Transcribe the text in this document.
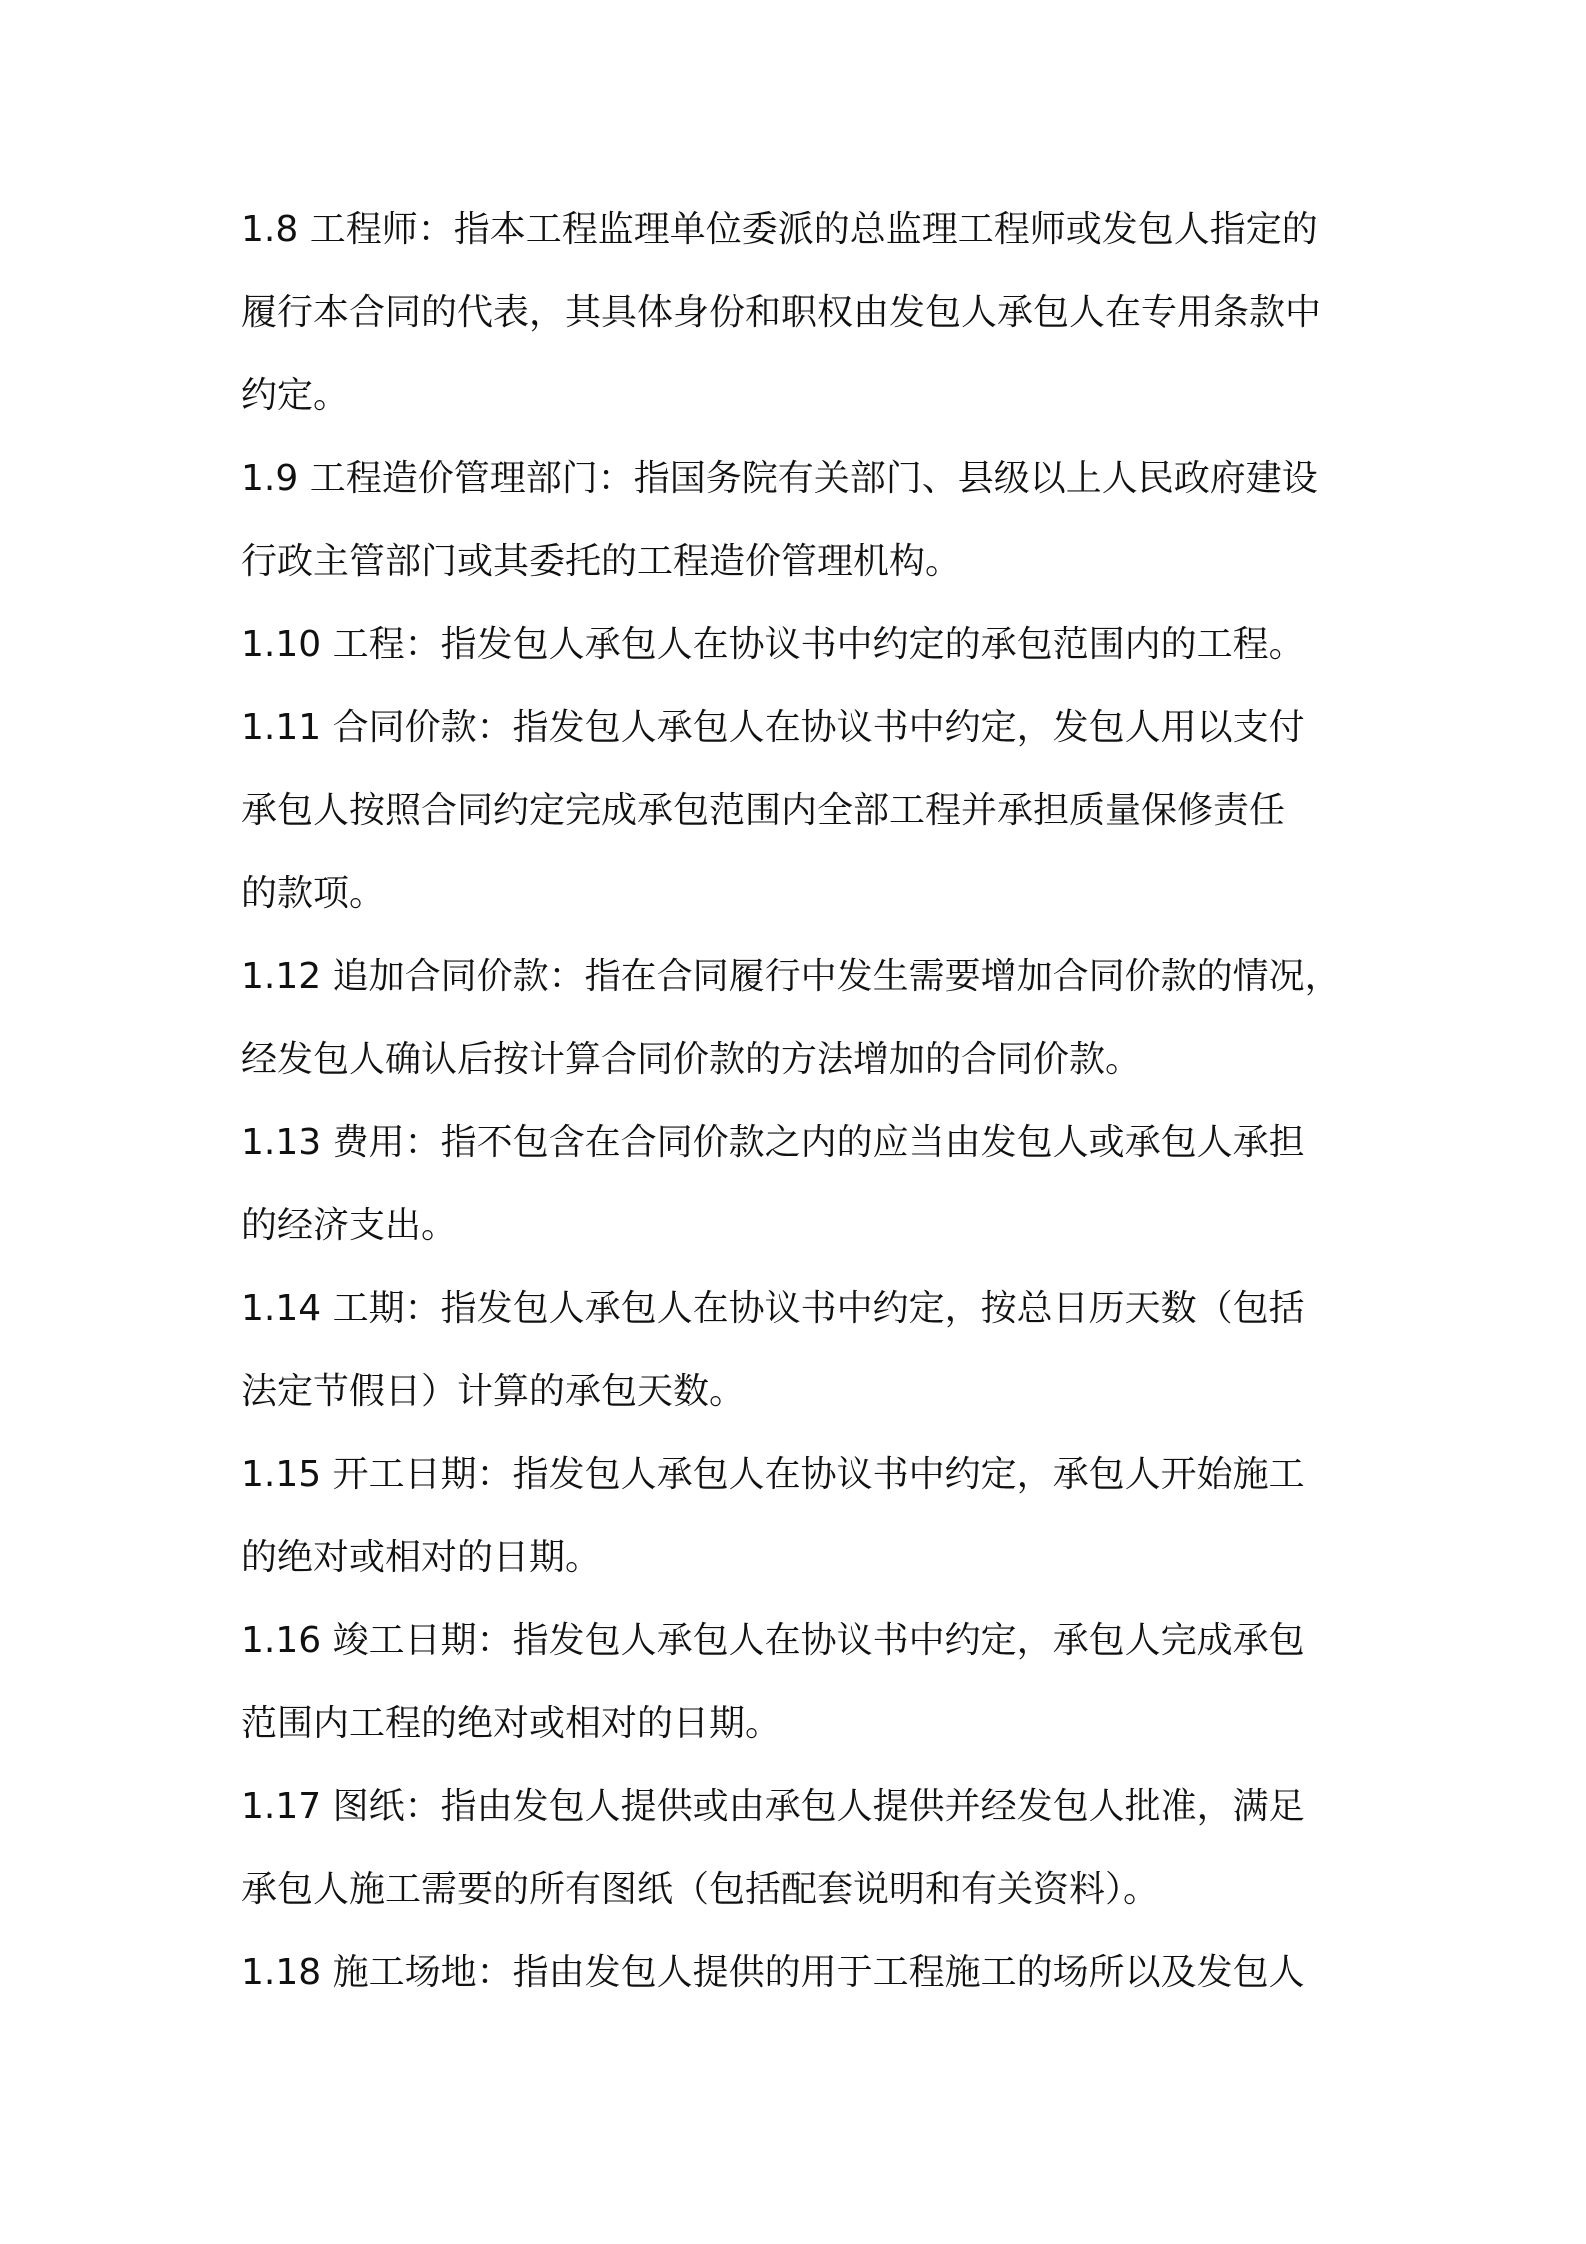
1.8 工程师：指本工程监理单位委派的总监理工程师或发包人指定的
履行本合同的代表，其具体身份和职权由发包人承包人在专用条款中
约定。
1.9 工程造价管理部门：指国务院有关部门、县级以上人民政府建设
行政主管部门或其委托的工程造价管理机构。
1.10 工程：指发包人承包人在协议书中约定的承包范围内的工程。
1.11 合同价款：指发包人承包人在协议书中约定，发包人用以支付
承包人按照合同约定完成承包范围内全部工程并承担质量保修责任
的款项。
1.12 追加合同价款：指在合同履行中发生需要增加合同价款的情况，
经发包人确认后按计算合同价款的方法增加的合同价款。
1.13 费用：指不包含在合同价款之内的应当由发包人或承包人承担
的经济支出。
1.14 工期：指发包人承包人在协议书中约定，按总日历天数（包括
法定节假日）计算的承包天数。
1.15 开工日期：指发包人承包人在协议书中约定，承包人开始施工
的绝对或相对的日期。
1.16 竣工日期：指发包人承包人在协议书中约定，承包人完成承包
范围内工程的绝对或相对的日期。
1.17 图纸：指由发包人提供或由承包人提供并经发包人批准，满足
承包人施工需要的所有图纸（包括配套说明和有关资料）。
1.18 施工场地：指由发包人提供的用于工程施工的场所以及发包人
